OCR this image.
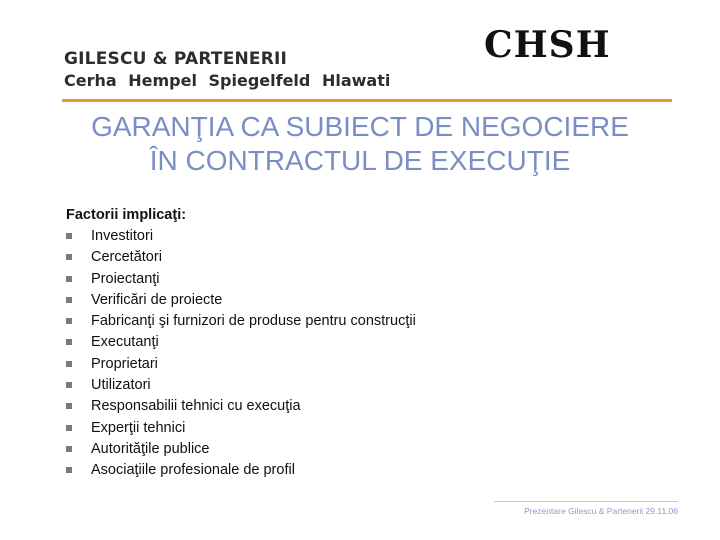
GILESCU & PARTENERII
Cerha Hempel Spiegelfeld Hlawati
CHSH
GARANŢIA CA SUBIECT DE NEGOCIERE
ÎN CONTRACTUL DE EXECUŢIE
Factorii implicaţi:
Investitori
Cercetători
Proiectanţi
Verificări de proiecte
Fabricanţi şi furnizori de produse pentru construcţii
Executanţi
Proprietari
Utilizatori
Responsabilii tehnici cu execuţia
Experţii tehnici
Autorităţile publice
Asociaţiile profesionale de profil
Prezentare Gilescu & Partenerii 29.11.06
